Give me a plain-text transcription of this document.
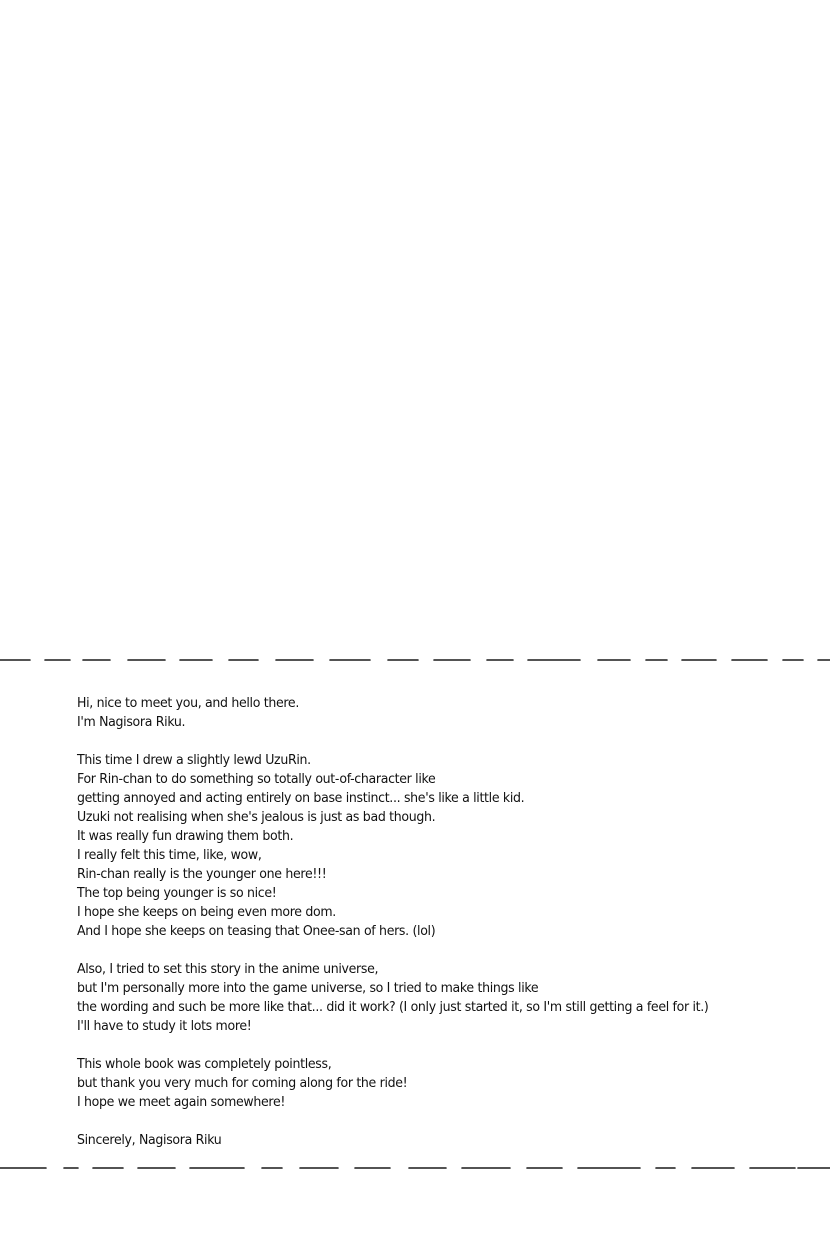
Hi, nice to meet you, and hello there.
I'm Nagisora Riku.
This time I drew a slightly lewd UzuRin.
For Rin-chan to do something so totally out-of-character like
getting annoyed and acting entirely on base instinct... she's like a little kid.
Uzuki not realising when she's jealous is just as bad though.
It was really fun drawing them both.
I really felt this time, like, wow,
Rin-chan really is the younger one here!!!
The top being younger is so nice!
I hope she keeps on being even more dom.
And I hope she keeps on teasing that Onee-san of hers. (lol)
Also, I tried to set this story in the anime universe,
but I'm personally more into the game universe, so I tried to make things like
the wording and such be more like that... did it work? (I only just started it, so I'm still getting a feel for it.)
I'll have to study it lots more!
This whole book was completely pointless,
but thank you very much for coming along for the ride!
I hope we meet again somewhere!
Sincerely, Nagisora Riku
